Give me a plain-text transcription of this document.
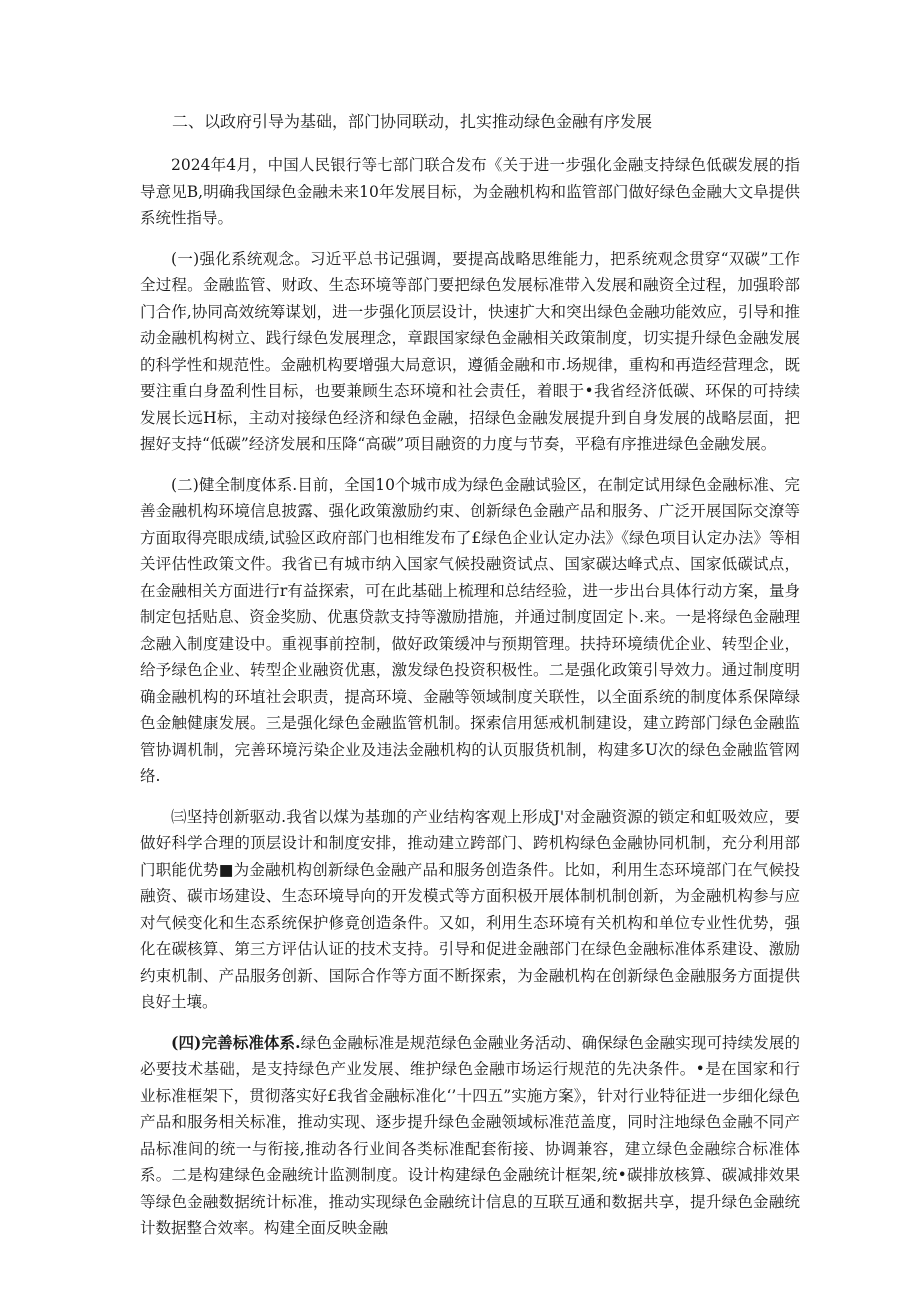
二、以政府引导为基础，部门协同联动，扎实推动绿色金融有序发展

2024年4月，中国人民银行等七部门联合发布《关于进一步强化金融支持绿色低碳发展的指导意见B,明确我国绿色金融未来10年发展目标，为金融机构和监管部门做好绿色金融大文阜提供系统性指导。

(一)强化系统观念。习近平总书记强调，要提高战略思维能力，把系统观念贯穿“双碳”工作全过程。金融监管、财政、生态环境等部门要把绿色发展标准带入发展和融资全过程，加强聆部门合作,协同高效统筹谋划，进一步强化顶层设计，快速扩大和突出绿色金融功能效应，引导和推动金融机构树立、践行绿色发展理念，章跟国家绿色金融相关政策制度，切实提升绿色金融发展的科学性和规范性。金融机构要增强大局意识，遵循金融和市.场规律，重构和再造经营理念，既要注重白身盈利性目标，也要兼顾生态环境和社会责任，着眼于•我省经济低碳、环保的可持续发展长远H标，主动对接绿色经济和绿色金融，招绿色金融发展提升到自身发展的战略层面，把握好支持“低碳”经济发展和压降“高碳”项目融资的力度与节奏，平稳有序推进绿色金融发展。

(二)健全制度体系.目前，全国10个城市成为绿色金融试验区，在制定试用绿色金融标准、完善金融机构环境信息披露、强化政策激励约束、创新绿色金融产品和服务、广泛开展国际交潦等方面取得亮眼成绩,试验区政府部门也相维发布了£绿色企业认定办法》《绿色项目认定办法》等相关评估性政策文件。我省已有城市纳入国家气候投融资试点、国家碳达峰式点、国家低碳试点，在金融相关方面进行r有益探索，可在此基础上梳理和总结经验，进一步出台具体行动方案，量身制定包括贴息、资金奖励、优惠贷款支持等激励措施，并通过制度固定卜.来。一是将绿色金融理念融入制度建设中。重视事前控制，做好政策缓冲与预期管理。扶持环境绩优企业、转型企业，给予绿色企业、转型企业融资优惠，激发绿色投资积极性。二是强化政策引导效力。通过制度明确金融机构的环埴社会职责，提高环境、金融等领域制度关联性，以全面系统的制度体系保障绿色金触健康发展。三是强化绿色金融监管机制。探索信用惩戒机制建设，建立跨部门绿色金融监管协调机制，完善环境污染企业及违法金融机构的认页服货机制，构建多U次的绿色金融监管网络.

㈢坚持创新驱动.我省以煤为基珈的产业结构客观上形成J'对金融资源的锁定和虹吸效应，要做好科学合理的顶层设计和制度安排，推动建立跨部门、跨机构绿色金融协同机制，充分利用部门职能优势■为金融机构创新绿色金融产品和服务创造条件。比如，利用生态环境部门在气候投融资、碳市场建设、生态环境导向的开发模式等方面积极开展体制机制创新，为金融机构参与应对气候变化和生态系统保护修竟创造条件。又如，利用生态环境有关机构和单位专业性优势，强化在碳核算、第三方评估认证的技术支持。引导和促进金融部门在绿色金融标准体系建设、激励约束机制、产品服务创新、国际合作等方面不断探索，为金融机构在创新绿色金融服务方面提供良好土壤。

(四)完善标准体系.绿色金融标准是规范绿色金融业务活动、确保绿色金融实现可持续发展的必要技术基础，是支持绿色产业发展、维护绿色金融市场运行规范的先决条件。•是在国家和行业标准框架下，贯彻落实好£我省金融标准化‘’十四五”实施方案》，针对行业特征进一步细化绿色产品和服务相关标准，推动实现、逐步提升绿色金融领域标准范盖度，同时注地绿色金融不同产品标准间的统一与衔接,推动各行业间各类标准配套衔接、协调兼容，建立绿色金融综合标准体系。二是构建绿色金融统计监测制度。设计构建绿色金融统计框架,统•碳排放核算、碳减排效果等绿色金融数据统计标准，推动实现绿色金融统计信息的互联互通和数据共享，提升绿色金融统计数据整合效率。构建全面反映金融
